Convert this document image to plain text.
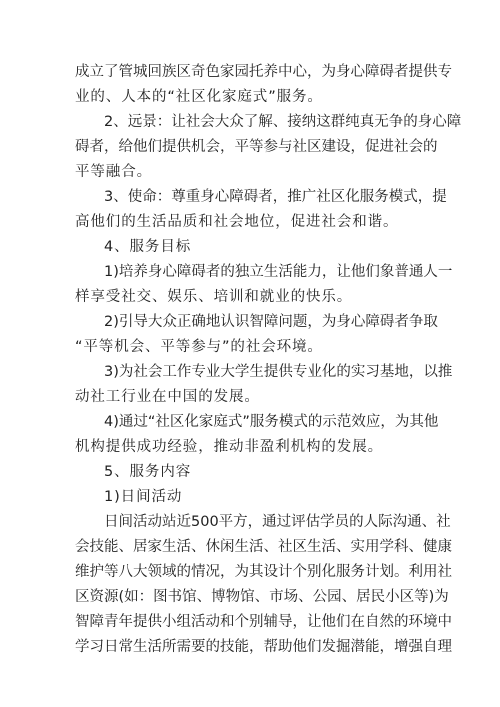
成立了管城回族区奇色家园托养中心，为身心障碍者提供专
业的、人本的“社区化家庭式”服务。
2、远景：让社会大众了解、接纳这群纯真无争的身心障
碍者，给他们提供机会，平等参与社区建设，促进社会的
平等融合。
3、使命：尊重身心障碍者，推广社区化服务模式，提
高他们的生活品质和社会地位，促进社会和谐。
4、服务目标
1)培养身心障碍者的独立生活能力，让他们象普通人一
样享受社交、娱乐、培训和就业的快乐。
2)引导大众正确地认识智障问题，为身心障碍者争取
“平等机会、平等参与”的社会环境。
3)为社会工作专业大学生提供专业化的实习基地，以推
动社工行业在中国的发展。
4)通过“社区化家庭式”服务模式的示范效应，为其他
机构提供成功经验，推动非盈利机构的发展。
5、服务内容
1)日间活动
日间活动站近500平方，通过评估学员的人际沟通、社
会技能、居家生活、休闲生活、社区生活、实用学科、健康
维护等八大领域的情况，为其设计个别化服务计划。利用社
区资源(如：图书馆、博物馆、市场、公园、居民小区等)为
智障青年提供小组活动和个别辅导，让他们在自然的环境中
学习日常生活所需要的技能，帮助他们发掘潜能，增强自理
